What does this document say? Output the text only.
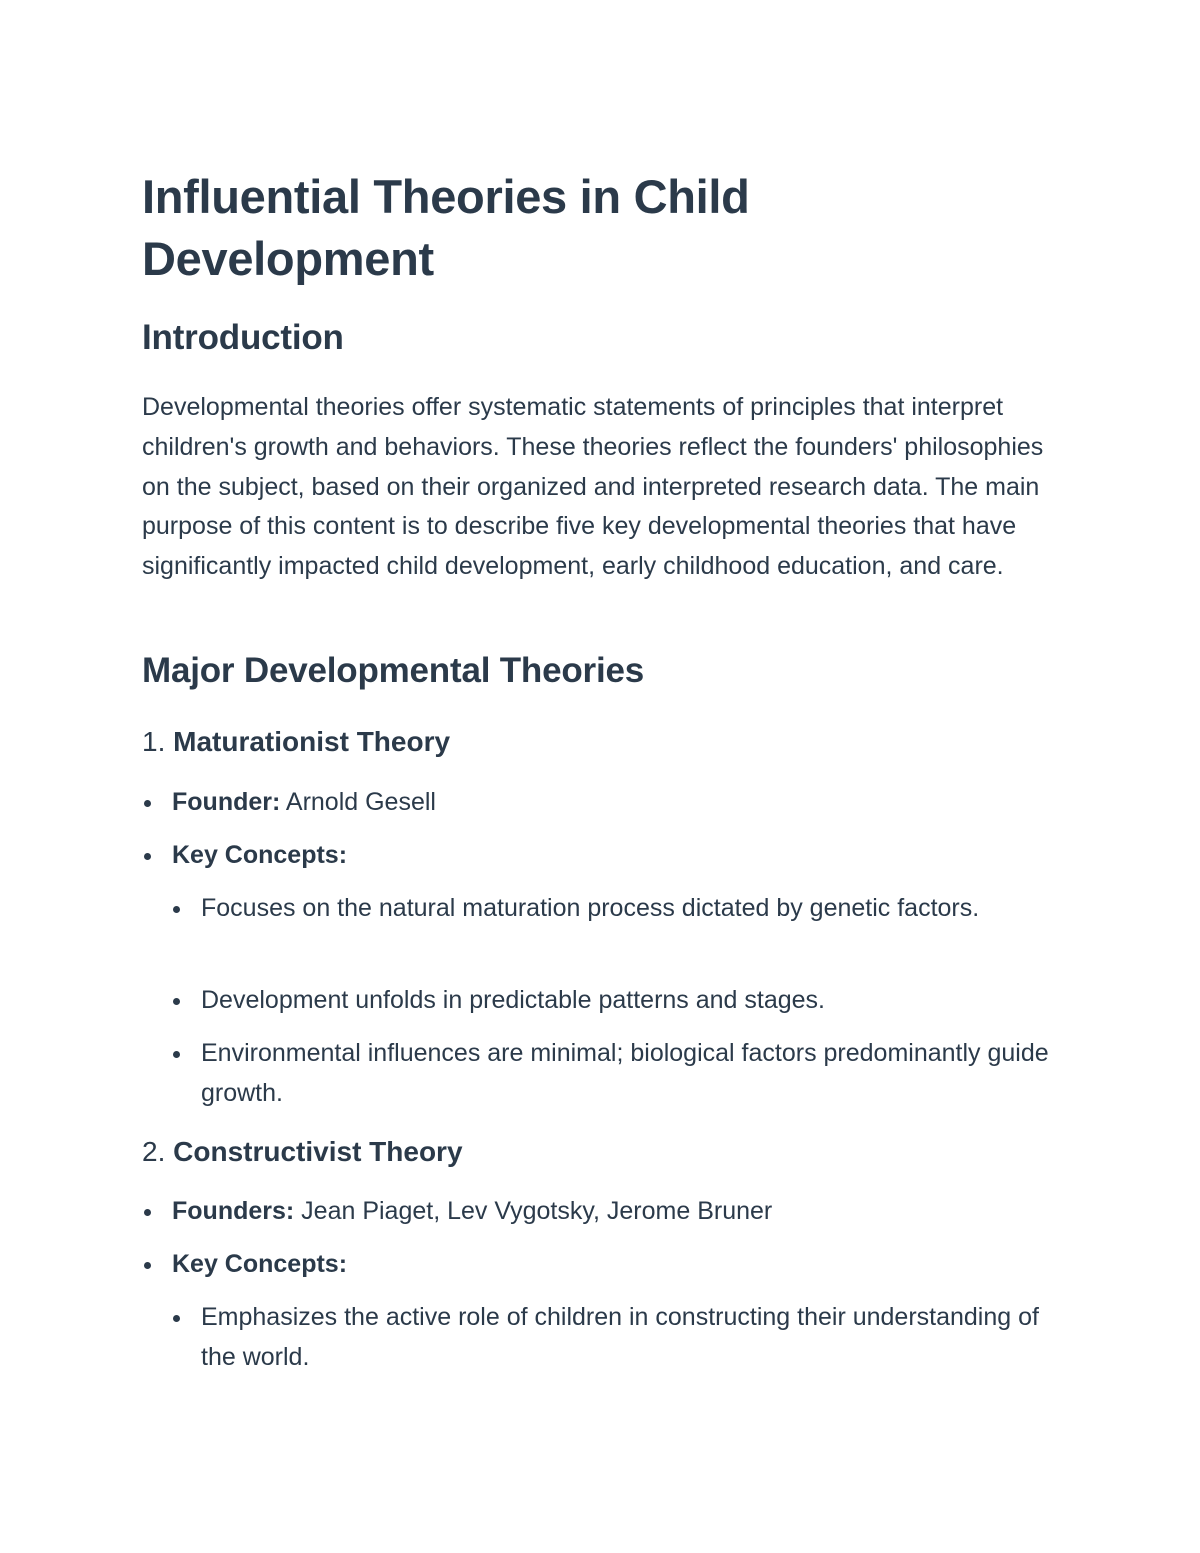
Influential Theories in Child Development
Introduction

Developmental theories offer systematic statements of principles that interpret children's growth and behaviors. These theories reflect the founders' philosophies on the subject, based on their organized and interpreted research data. The main purpose of this content is to describe five key developmental theories that have significantly impacted child development, early childhood education, and care.

Major Developmental Theories
1. Maturationist Theory
Founder: Arnold Gesell
Key Concepts:
Focuses on the natural maturation process dictated by genetic factors.
Development unfolds in predictable patterns and stages.
Environmental influences are minimal; biological factors predominantly guide growth.
2. Constructivist Theory
Founders: Jean Piaget, Lev Vygotsky, Jerome Bruner
Key Concepts:
Emphasizes the active role of children in constructing their understanding of the world.
